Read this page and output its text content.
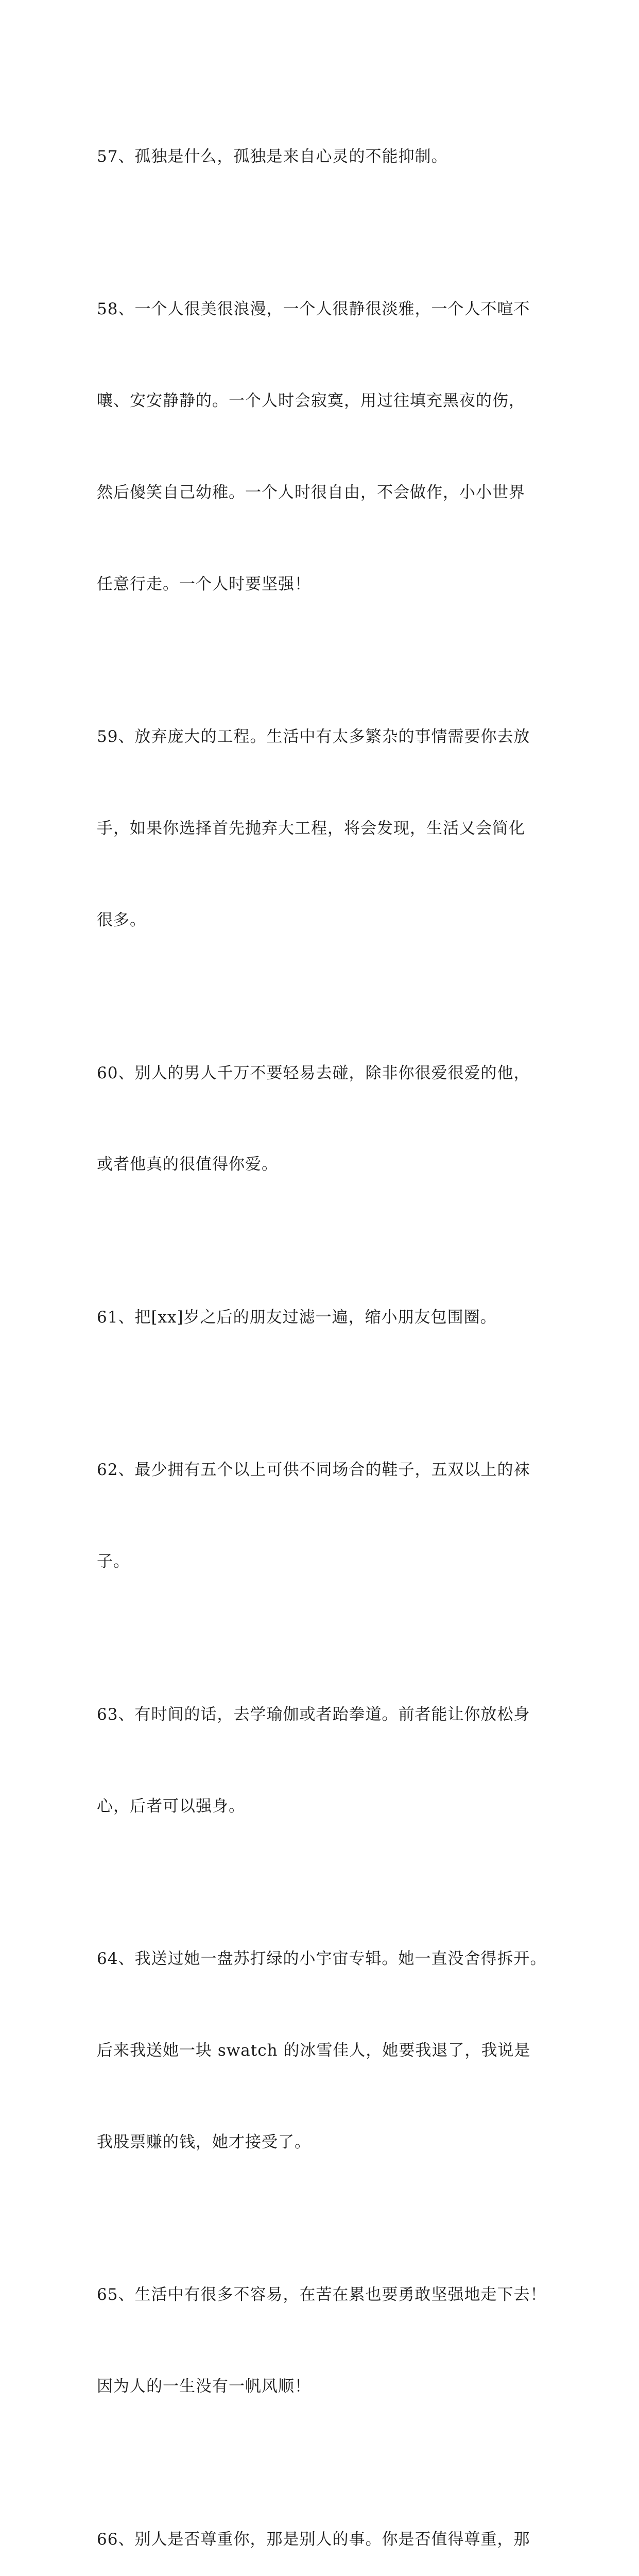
57、孤独是什么，孤独是来自心灵的不能抑制。

58、一个人很美很浪漫，一个人很静很淡雅，一个人不喧不

嚷、安安静静的。一个人时会寂寞，用过往填充黑夜的伤，

然后傻笑自己幼稚。一个人时很自由，不会做作，小小世界

任意行走。一个人时要坚强！

59、放弃庞大的工程。生活中有太多繁杂的事情需要你去放

手，如果你选择首先抛弃大工程，将会发现，生活又会简化

很多。

60、别人的男人千万不要轻易去碰，除非你很爱很爱的他，

或者他真的很值得你爱。

61、把[xx]岁之后的朋友过滤一遍，缩小朋友包围圈。

62、最少拥有五个以上可供不同场合的鞋子，五双以上的袜

子。

63、有时间的话，去学瑜伽或者跆拳道。前者能让你放松身

心，后者可以强身。

64、我送过她一盘苏打绿的小宇宙专辑。她一直没舍得拆开。

后来我送她一块 swatch 的冰雪佳人，她要我退了，我说是

我股票赚的钱，她才接受了。

65、生活中有很多不容易，在苦在累也要勇敢坚强地走下去！

因为人的一生没有一帆风顺！

66、别人是否尊重你，那是别人的事。你是否值得尊重，那
